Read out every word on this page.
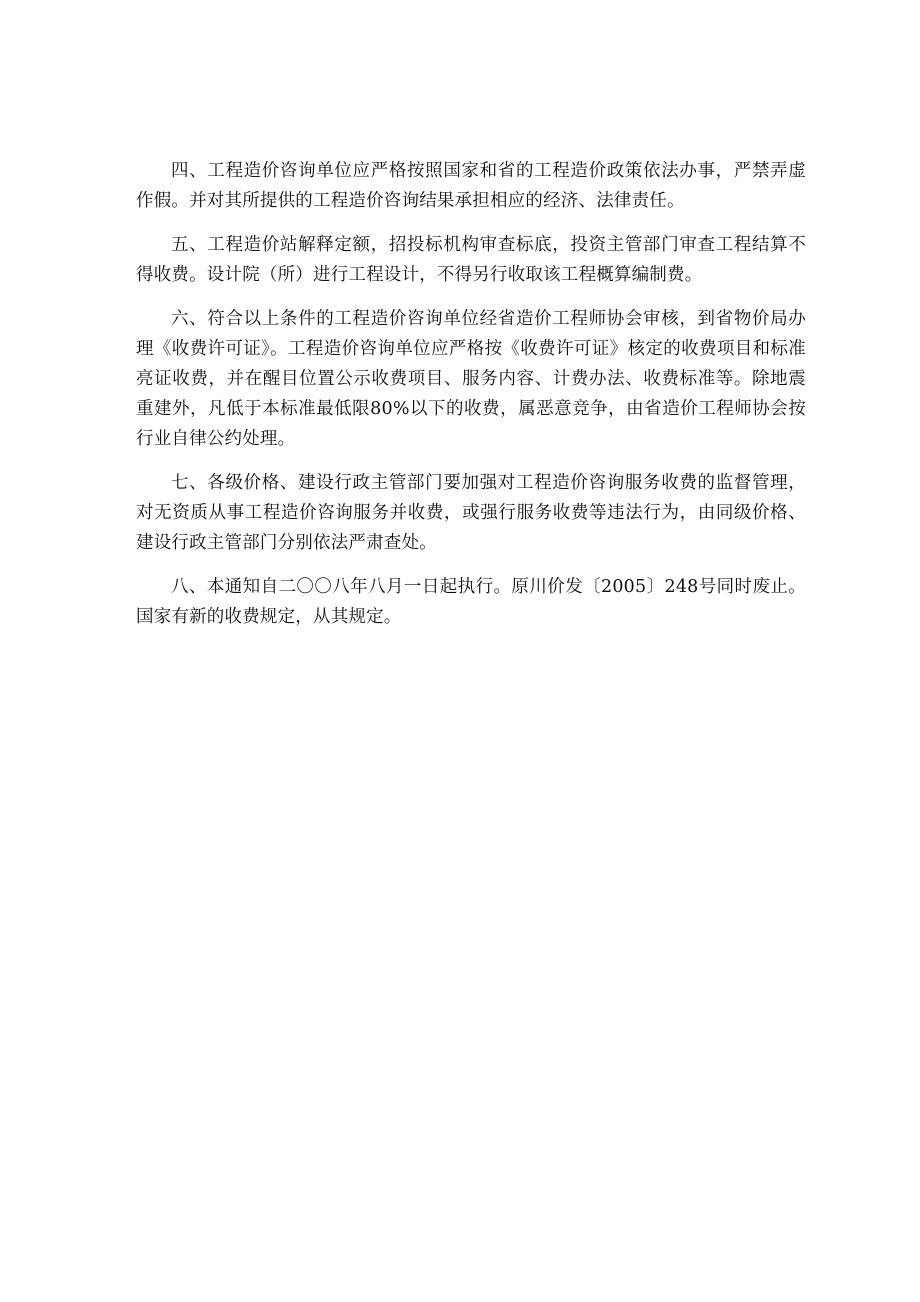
四、工程造价咨询单位应严格按照国家和省的工程造价政策依法办事，严禁弄虚作假。并对其所提供的工程造价咨询结果承担相应的经济、法律责任。

五、工程造价站解释定额，招投标机构审查标底，投资主管部门审查工程结算不得收费。设计院（所）进行工程设计，不得另行收取该工程概算编制费。

六、符合以上条件的工程造价咨询单位经省造价工程师协会审核，到省物价局办理《收费许可证》。工程造价咨询单位应严格按《收费许可证》核定的收费项目和标准亮证收费，并在醒目位置公示收费项目、服务内容、计费办法、收费标准等。除地震重建外，凡低于本标准最低限80%以下的收费，属恶意竞争，由省造价工程师协会按行业自律公约处理。

七、各级价格、建设行政主管部门要加强对工程造价咨询服务收费的监督管理，对无资质从事工程造价咨询服务并收费，或强行服务收费等违法行为，由同级价格、建设行政主管部门分别依法严肃查处。

八、本通知自二〇〇八年八月一日起执行。原川价发〔2005〕248号同时废止。国家有新的收费规定，从其规定。
